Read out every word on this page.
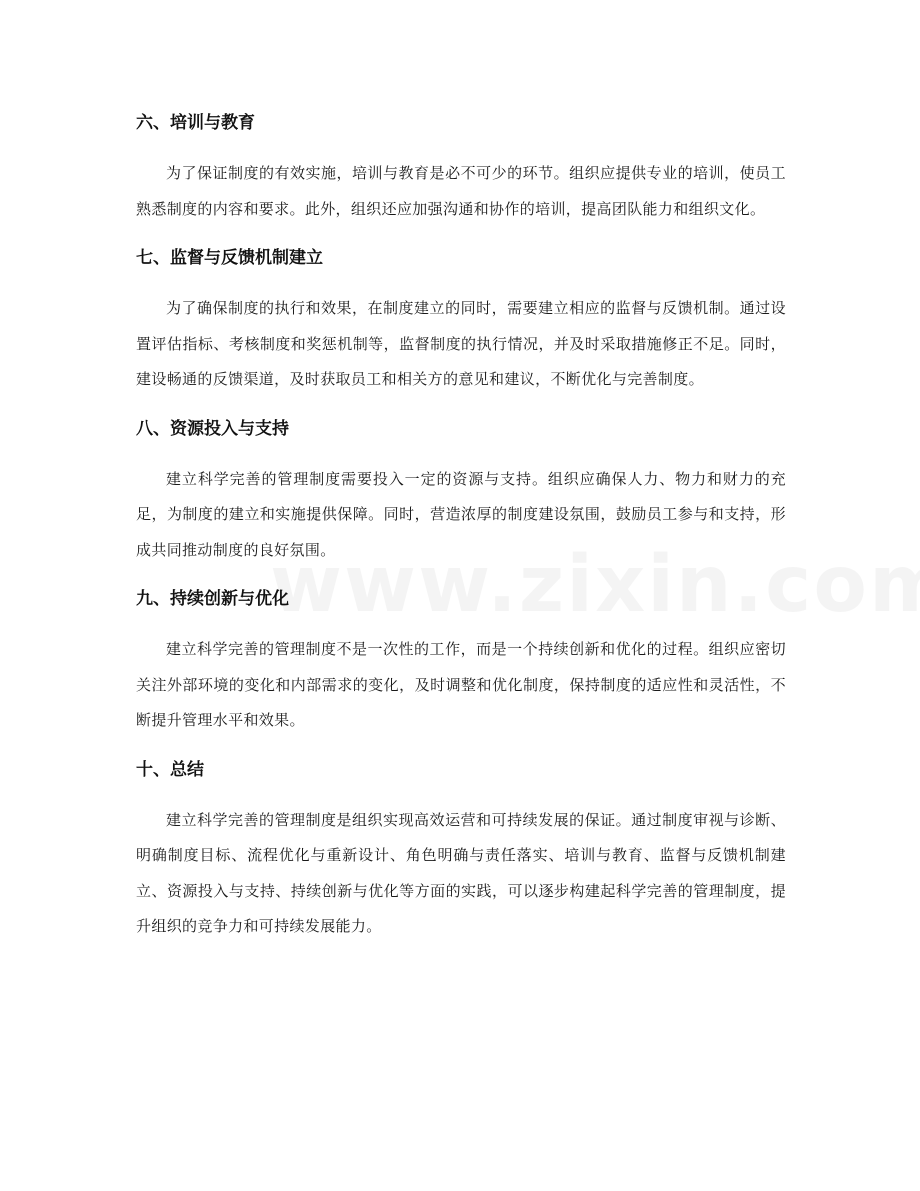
六、培训与教育

为了保证制度的有效实施，培训与教育是必不可少的环节。组织应提供专业的培训，使员工熟悉制度的内容和要求。此外，组织还应加强沟通和协作的培训，提高团队能力和组织文化。

七、监督与反馈机制建立

为了确保制度的执行和效果，在制度建立的同时，需要建立相应的监督与反馈机制。通过设置评估指标、考核制度和奖惩机制等，监督制度的执行情况，并及时采取措施修正不足。同时，建设畅通的反馈渠道，及时获取员工和相关方的意见和建议，不断优化与完善制度。

八、资源投入与支持

建立科学完善的管理制度需要投入一定的资源与支持。组织应确保人力、物力和财力的充足，为制度的建立和实施提供保障。同时，营造浓厚的制度建设氛围，鼓励员工参与和支持，形成共同推动制度的良好氛围。

九、持续创新与优化

建立科学完善的管理制度不是一次性的工作，而是一个持续创新和优化的过程。组织应密切关注外部环境的变化和内部需求的变化，及时调整和优化制度，保持制度的适应性和灵活性，不断提升管理水平和效果。

十、总结

建立科学完善的管理制度是组织实现高效运营和可持续发展的保证。通过制度审视与诊断、明确制度目标、流程优化与重新设计、角色明确与责任落实、培训与教育、监督与反馈机制建立、资源投入与支持、持续创新与优化等方面的实践，可以逐步构建起科学完善的管理制度，提升组织的竞争力和可持续发展能力。
